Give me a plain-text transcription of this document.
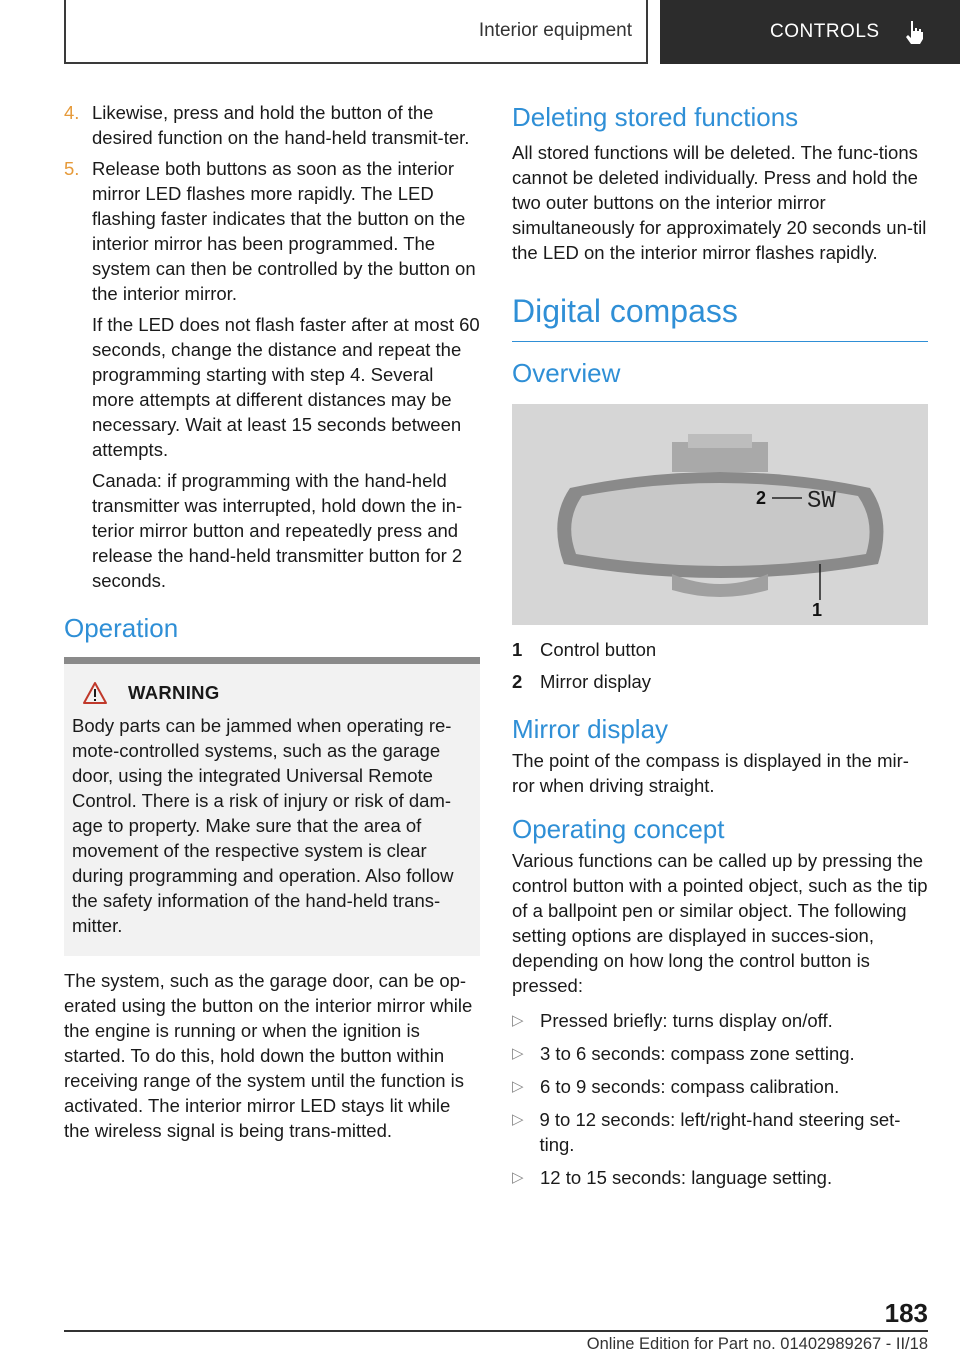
Interior equipment	CONTROLS
4. Likewise, press and hold the button of the desired function on the hand-held transmit‐ter.
5. Release both buttons as soon as the interior mirror LED flashes more rapidly. The LED flashing faster indicates that the button on the interior mirror has been programmed. The system can then be controlled by the button on the interior mirror.

If the LED does not flash faster after at most 60 seconds, change the distance and repeat the programming starting with step 4. Several more attempts at different distances may be necessary. Wait at least 15 seconds between attempts.

Canada: if programming with the hand-held transmitter was interrupted, hold down the in‐terior mirror button and repeatedly press and release the hand-held transmitter button for 2 seconds.

Operation
WARNING
Body parts can be jammed when operating re‐mote-controlled systems, such as the garage door, using the integrated Universal Remote Control. There is a risk of injury or risk of dam‐age to property. Make sure that the area of movement of the respective system is clear during programming and operation. Also follow the safety information of the hand-held trans‐mitter.

The system, such as the garage door, can be op‐erated using the button on the interior mirror while the engine is running or when the ignition is started. To do this, hold down the button within receiving range of the system until the function is activated. The interior mirror LED stays lit while the wireless signal is being trans‐mitted.

Deleting stored functions

All stored functions will be deleted. The func‐tions cannot be deleted individually. Press and hold the two outer buttons on the interior mirror simultaneously for approximately 20 seconds un‐til the LED on the interior mirror flashes rapidly.

Digital compass
Overview
2 SW
1
1 Control button
2 Mirror display
Mirror display

The point of the compass is displayed in the mir‐ror when driving straight.

Operating concept

Various functions can be called up by pressing the control button with a pointed object, such as the tip of a ballpoint pen or similar object. The following setting options are displayed in succes‐sion, depending on how long the control button is pressed:

▷ Pressed briefly: turns display on/off.
▷ 3 to 6 seconds: compass zone setting.
▷ 6 to 9 seconds: compass calibration.
▷ 9 to 12 seconds: left/right-hand steering set‐ting.
▷ 12 to 15 seconds: language setting.
183
Online Edition for Part no. 01402989267 - II/18
